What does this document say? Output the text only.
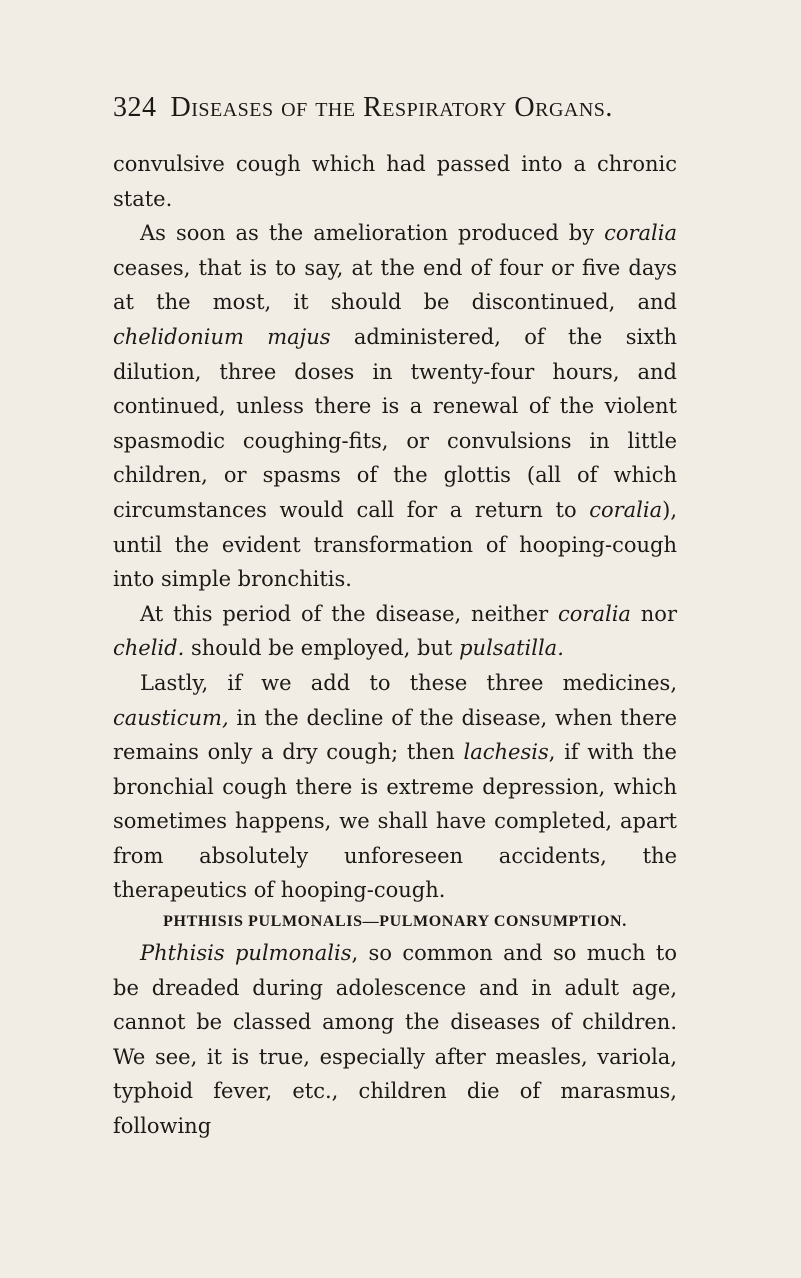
324 Diseases of the Respiratory Organs.

convulsive cough which had passed into a chronic state.

As soon as the amelioration produced by coralia ceases, that is to say, at the end of four or five days at the most, it should be discontinued, and chelidonium majus administered, of the sixth dilution, three doses in twenty-four hours, and continued, unless there is a renewal of the violent spasmodic coughing-fits, or convulsions in little children, or spasms of the glottis (all of which circumstances would call for a return to coralia), until the evident transformation of hooping-cough into simple bronchitis.

At this period of the disease, neither coralia nor chelid. should be employed, but pulsatilla.

Lastly, if we add to these three medicines, causticum, in the decline of the disease, when there remains only a dry cough; then lachesis, if with the bronchial cough there is extreme depression, which sometimes happens, we shall have completed, apart from absolutely unforeseen accidents, the therapeutics of hooping-cough.

PHTHISIS PULMONALIS—PULMONARY CONSUMPTION.

Phthisis pulmonalis, so common and so much to be dreaded during adolescence and in adult age, cannot be classed among the diseases of children. We see, it is true, especially after measles, variola, typhoid fever, etc., children die of marasmus, following
